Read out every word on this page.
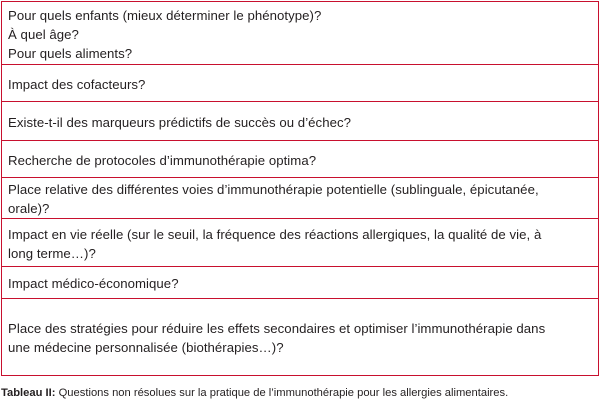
Pour quels enfants (mieux déterminer le phénotype)?
À quel âge?
Pour quels aliments?
Impact des cofacteurs?
Existe-t-il des marqueurs prédictifs de succès ou d’échec?
Recherche de protocoles d’immunothérapie optima?
Place relative des différentes voies d’immunothérapie potentielle (sublinguale, épicutanée,
orale)?
Impact en vie réelle (sur le seuil, la fréquence des réactions allergiques, la qualité de vie, à
long terme…)?
Impact médico-économique?
Place des stratégies pour réduire les effets secondaires et optimiser l’immunothérapie dans
une médecine personnalisée (biothérapies…)?
Tableau II: Questions non résolues sur la pratique de l’immunothérapie pour les allergies alimentaires.
